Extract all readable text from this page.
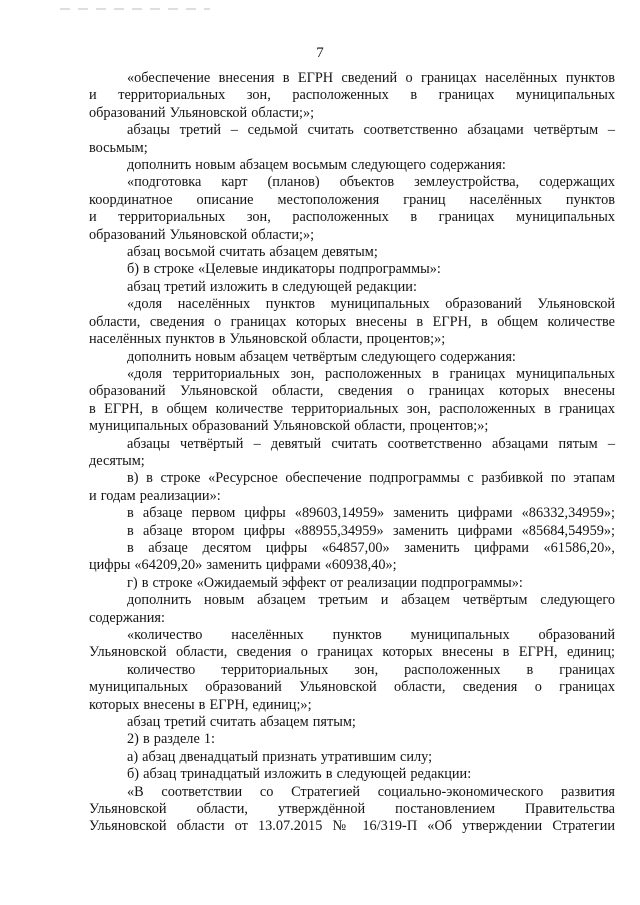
7

«обеспечение внесения в ЕГРН сведений о границах населённых пунктов

и территориальных зон, расположенных в границах муниципальных

образований Ульяновской области;»;

абзацы третий – седьмой считать соответственно абзацами четвёртым –

восьмым;

дополнить новым абзацем восьмым следующего содержания:

«подготовка карт (планов) объектов землеустройства, содержащих

координатное описание местоположения границ населённых пунктов

и территориальных зон, расположенных в границах муниципальных

образований Ульяновской области;»;

абзац восьмой считать абзацем девятым;

б) в строке «Целевые индикаторы подпрограммы»:

абзац третий изложить в следующей редакции:

«доля населённых пунктов муниципальных образований Ульяновской

области, сведения о границах которых внесены в ЕГРН, в общем количестве

населённых пунктов в Ульяновской области, процентов;»;

дополнить новым абзацем четвёртым следующего содержания:

«доля территориальных зон, расположенных в границах муниципальных

образований Ульяновской области, сведения о границах которых внесены

в ЕГРН, в общем количестве территориальных зон, расположенных в границах

муниципальных образований Ульяновской области, процентов;»;

абзацы четвёртый – девятый считать соответственно абзацами пятым –

десятым;

в) в строке «Ресурсное обеспечение подпрограммы с разбивкой по этапам

и годам реализации»:

в абзаце первом цифры «89603,14959» заменить цифрами «86332,34959»;

в абзаце втором цифры «88955,34959» заменить цифрами «85684,54959»;

в абзаце десятом цифры «64857,00» заменить цифрами «61586,20»,

цифры «64209,20» заменить цифрами «60938,40»;

г) в строке «Ожидаемый эффект от реализации подпрограммы»:

дополнить новым абзацем третьим и абзацем четвёртым следующего

содержания:

«количество населённых пунктов муниципальных образований

Ульяновской области, сведения о границах которых внесены в ЕГРН, единиц;

количество территориальных зон, расположенных в границах

муниципальных образований Ульяновской области, сведения о границах

которых внесены в ЕГРН, единиц;»;

абзац третий считать абзацем пятым;

2) в разделе 1:

а) абзац двенадцатый признать утратившим силу;

б) абзац тринадцатый изложить в следующей редакции:

«В соответствии со Стратегией социально-экономического развития

Ульяновской области, утверждённой постановлением Правительства

Ульяновской области от 13.07.2015 № 16/319-П «Об утверждении Стратегии
